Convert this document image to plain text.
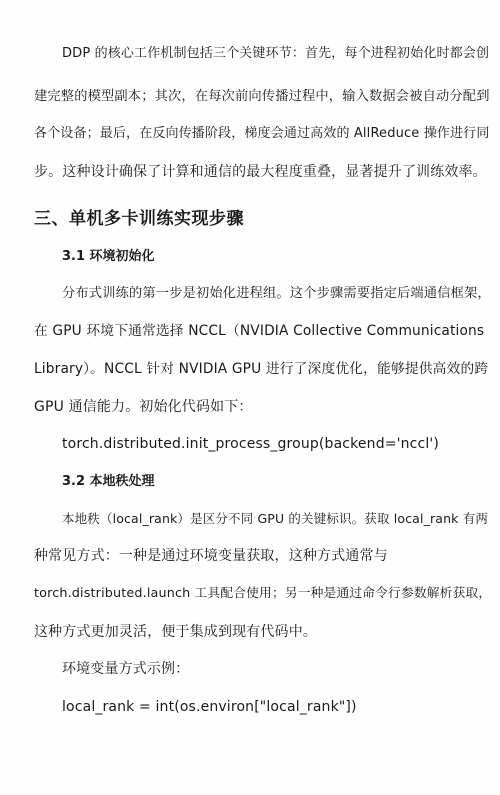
DDP 的核心工作机制包括三个关键环节：首先，每个进程初始化时都会创
建完整的模型副本；其次，在每次前向传播过程中，输入数据会被自动分配到
各个设备；最后，在反向传播阶段，梯度会通过高效的 AllReduce 操作进行同
步。这种设计确保了计算和通信的最大程度重叠，显著提升了训练效率。
三、单机多卡训练实现步骤
3.1 环境初始化
分布式训练的第一步是初始化进程组。这个步骤需要指定后端通信框架，
在 GPU 环境下通常选择 NCCL（NVIDIA Collective Communications
Library）。NCCL 针对 NVIDIA GPU 进行了深度优化，能够提供高效的跨
GPU 通信能力。初始化代码如下：
torch.distributed.init_process_group(backend='nccl')
3.2 本地秩处理
本地秩（local_rank）是区分不同 GPU 的关键标识。获取 local_rank 有两
种常见方式：一种是通过环境变量获取，这种方式通常与
torch.distributed.launch 工具配合使用；另一种是通过命令行参数解析获取，
这种方式更加灵活，便于集成到现有代码中。
环境变量方式示例：
local_rank = int(os.environ["local_rank"])
